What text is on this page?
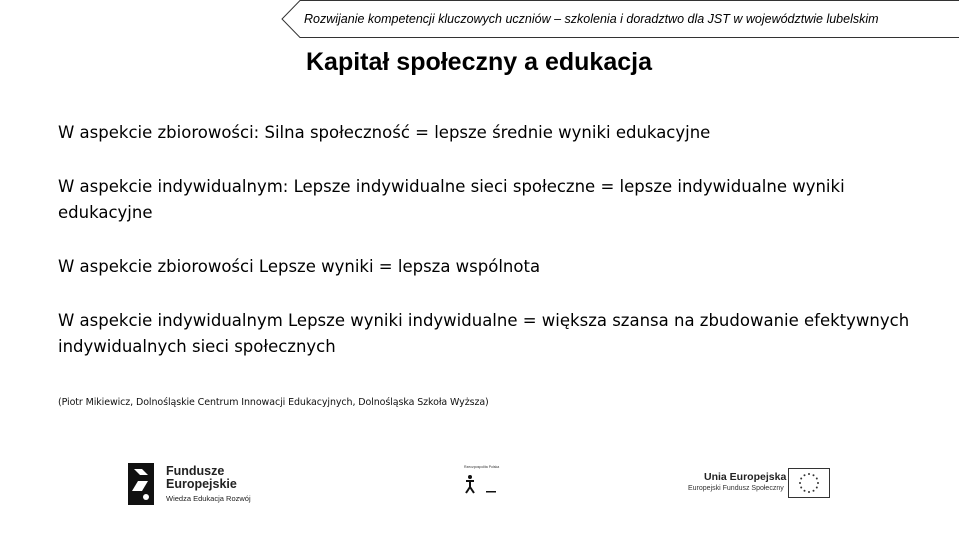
Rozwijanie kompetencji kluczowych uczniów – szkolenia i doradztwo dla JST w województwie lubelskim
Kapitał społeczny a edukacja

W aspekcie zbiorowości: Silna społeczność = lepsze średnie wyniki edukacyjne

W aspekcie indywidualnym: Lepsze indywidualne sieci społeczne = lepsze indywidualne wyniki edukacyjne

W aspekcie zbiorowości Lepsze wyniki = lepsza wspólnota

W aspekcie indywidualnym Lepsze wyniki indywidualne = większa szansa na zbudowanie efektywnych indywidualnych sieci społecznych

(Piotr Mikiewicz, Dolnośląskie Centrum Innowacji Edukacyjnych, Dolnośląska Szkoła Wyższa)
Fundusze
Europejskie
Wiedza Edukacja Rozwój
Rzeczpospolita Polska
Unia Europejska
Europejski Fundusz Społeczny
